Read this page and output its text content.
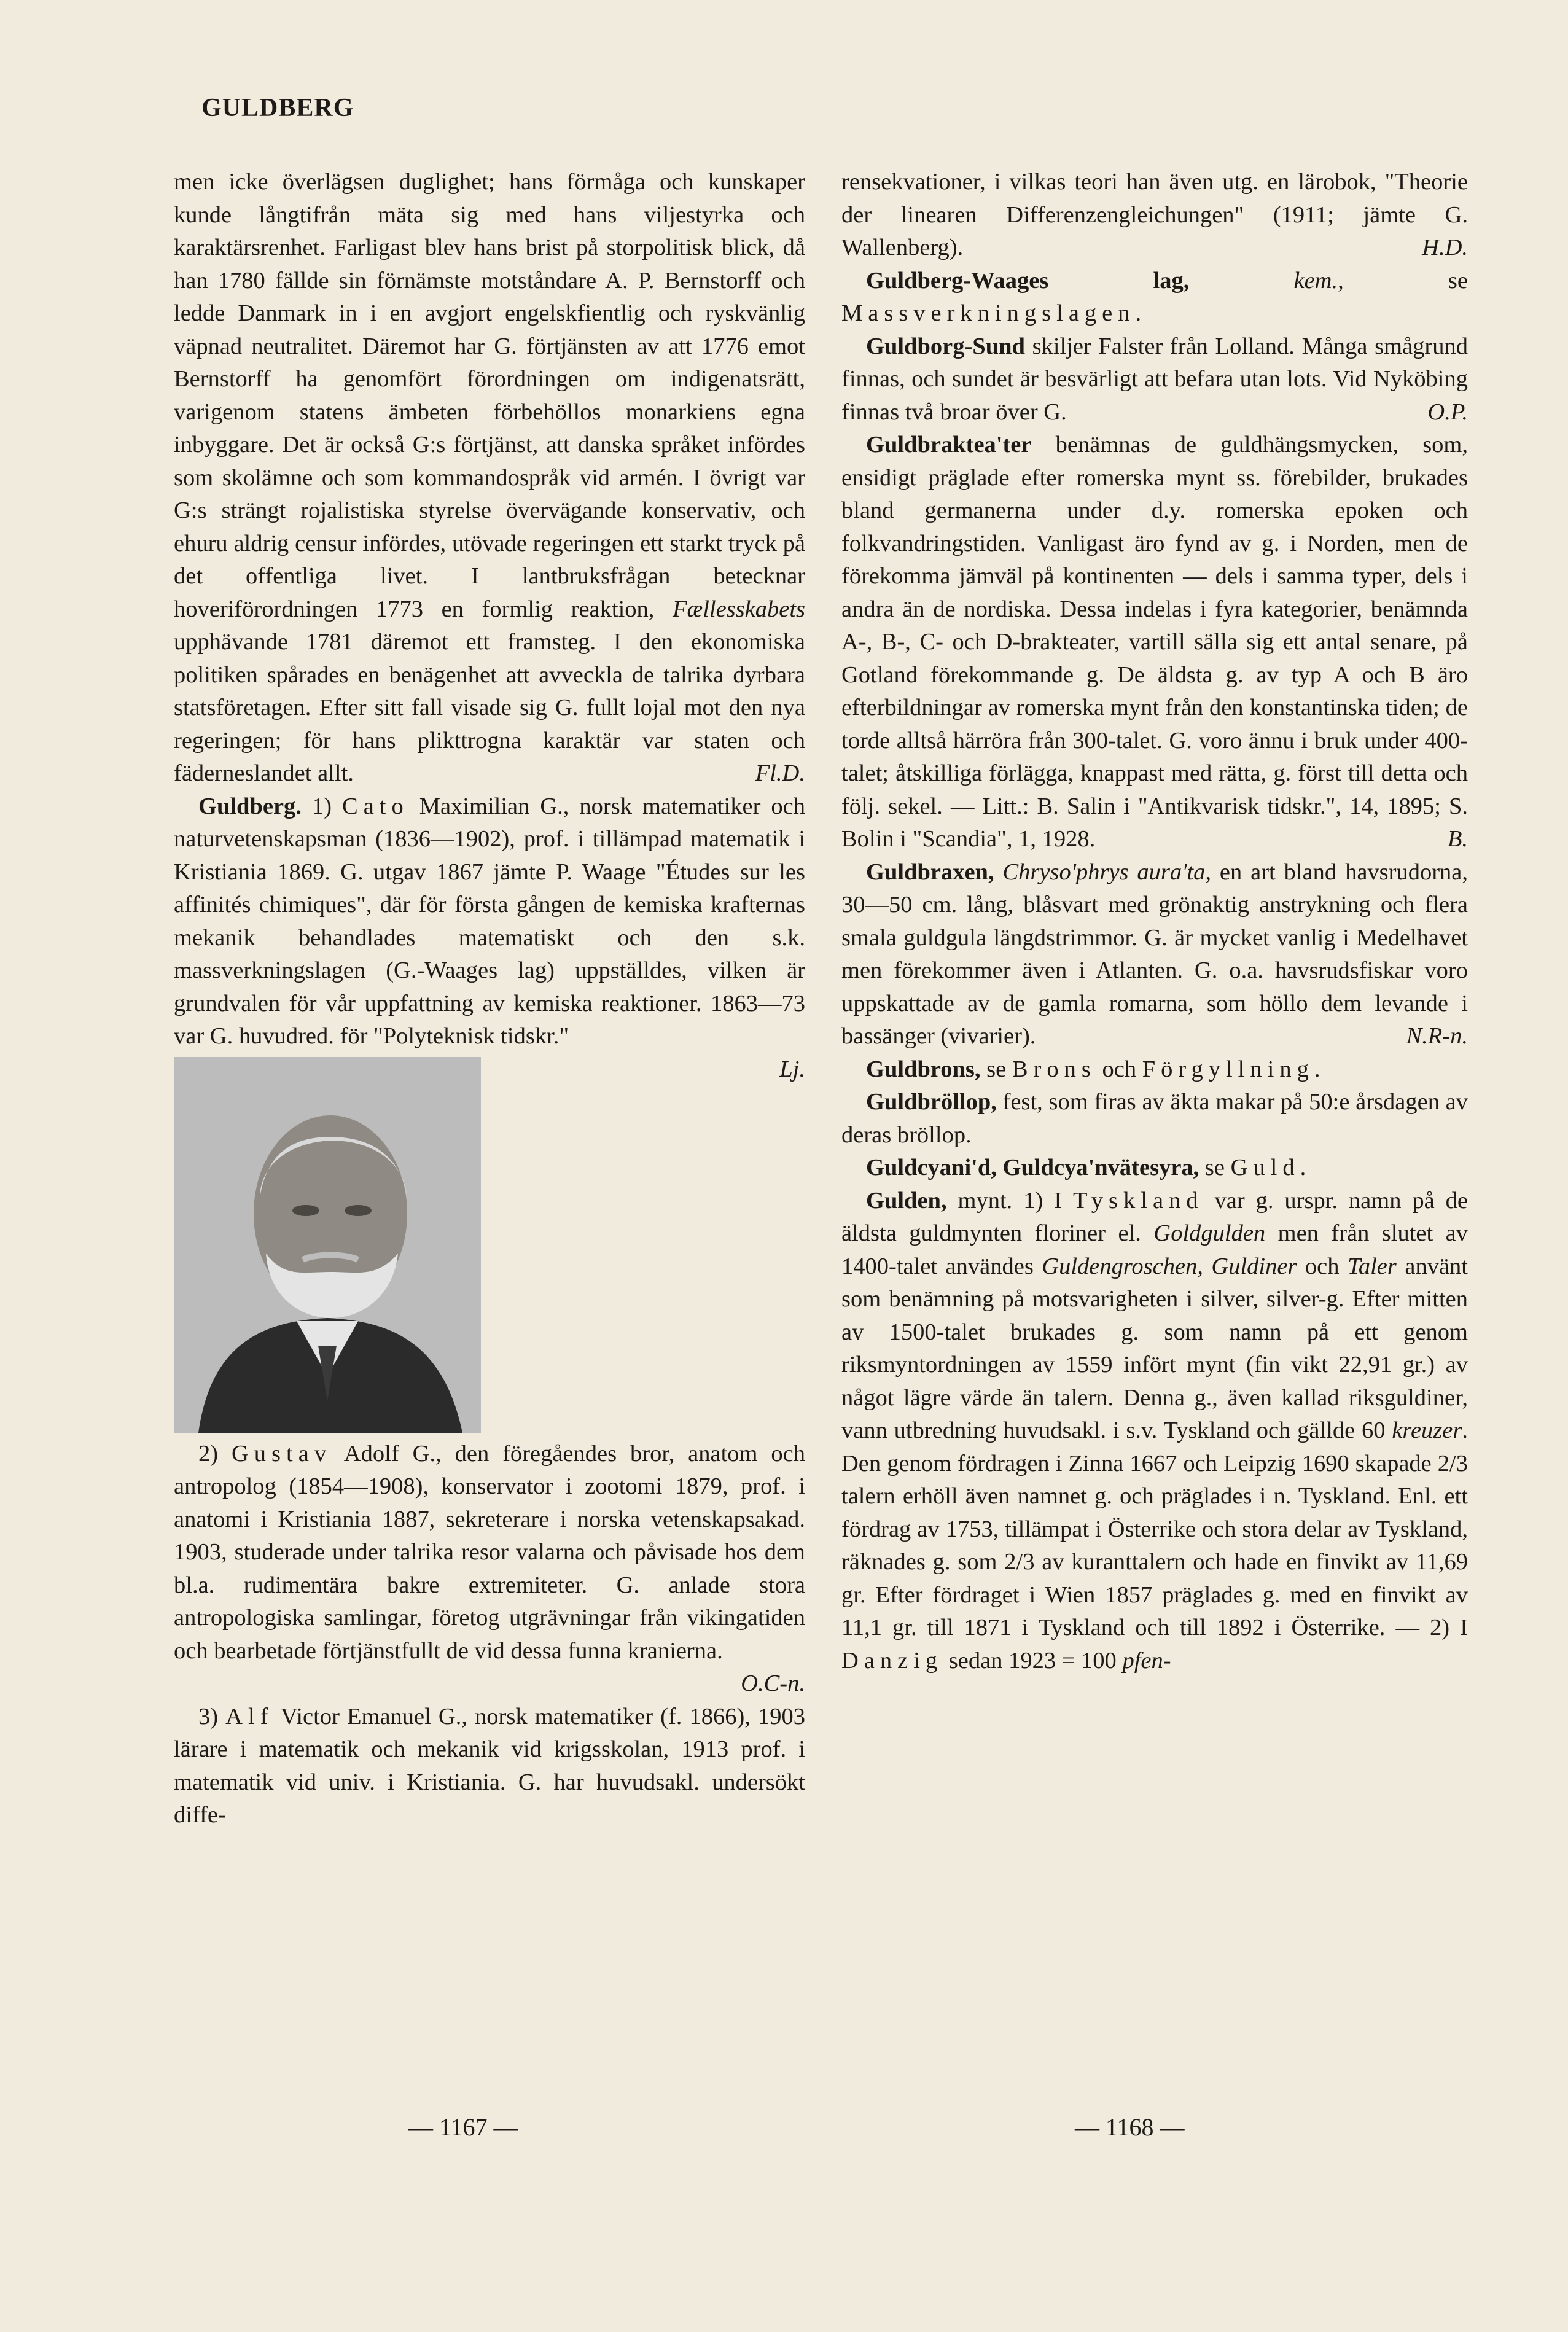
GULDBERG

men icke överlägsen duglighet; hans förmåga och kunskaper kunde långtifrån mäta sig med hans viljestyrka och karaktärsrenhet. Farligast blev hans brist på storpolitisk blick, då han 1780 fällde sin förnämste motståndare A. P. Bernstorff och ledde Danmark in i en avgjort engelskfientlig och ryskvänlig väpnad neutralitet. Däremot har G. förtjänsten av att 1776 emot Bernstorff ha genomfört förordningen om indigenatsrätt, varigenom statens ämbeten förbehöllos monarkiens egna inbyggare. Det är också G:s förtjänst, att danska språket infördes som skolämne och som kommandospråk vid armén. I övrigt var G:s strängt rojalistiska styrelse övervägande konservativ, och ehuru aldrig censur infördes, utövade regeringen ett starkt tryck på det offentliga livet. I lantbruksfrågan betecknar hoveriförordningen 1773 en formlig reaktion, Fællesskabets upphävande 1781 däremot ett framsteg. I den ekonomiska politiken spårades en benägenhet att avveckla de talrika dyrbara statsföretagen. Efter sitt fall visade sig G. fullt lojal mot den nya regeringen; för hans plikttrogna karaktär var staten och fäderneslandet allt.	Fl.D.

Guldberg. 1) Cato Maximilian G., norsk matematiker och naturvetenskapsman (1836—1902), prof. i tillämpad matematik i Kristiania 1869. G. utgav 1867 jämte P. Waage "Études sur les affinités chimiques", där för första gången de kemiska krafternas mekanik behandlades matematiskt och den s.k. massverkningslagen (G.-Waages lag) uppställdes, vilken är grundvalen för vår uppfattning av kemiska reaktioner. 1863—73 var G. huvudred. för "Polyteknisk tidskr."

Lj.

2) Gustav Adolf G., den föregåendes bror, anatom och antropolog (1854—1908), konservator i zootomi 1879, prof. i anatomi i Kristiania 1887, sekreterare i norska vetenskapsakad. 1903, studerade under talrika resor valarna och påvisade hos dem bl.a. rudimentära bakre extremiteter. G. anlade stora antropologiska samlingar, företog utgrävningar från vikingatiden och bearbetade förtjänstfullt de vid dessa funna kranierna.
O.C-n.

3) Alf Victor Emanuel G., norsk matematiker (f. 1866), 1903 lärare i matematik och mekanik vid krigsskolan, 1913 prof. i matematik vid univ. i Kristiania. G. har huvudsakl. undersökt diffe-

rensekvationer, i vilkas teori han även utg. en lärobok, "Theorie der linearen Differenzengleichungen" (1911; jämte G. Wallenberg).	H.D.

Guldberg-Waages lag, kem., se Massverkningslagen.

Guldborg-Sund skiljer Falster från Lolland. Många smågrund finnas, och sundet är besvärligt att befara utan lots. Vid Nyköbing finnas två broar över G.	O.P.

Guldbraktea'ter benämnas de guldhängsmycken, som, ensidigt präglade efter romerska mynt ss. förebilder, brukades bland germanerna under d.y. romerska epoken och folkvandringstiden. Vanligast äro fynd av g. i Norden, men de förekomma jämväl på kontinenten — dels i samma typer, dels i andra än de nordiska. Dessa indelas i fyra kategorier, benämnda A-, B-, C- och D-brakteater, vartill sälla sig ett antal senare, på Gotland förekommande g. De äldsta g. av typ A och B äro efterbildningar av romerska mynt från den konstantinska tiden; de torde alltså härröra från 300-talet. G. voro ännu i bruk under 400-talet; åtskilliga förlägga, knappast med rätta, g. först till detta och följ. sekel. — Litt.: B. Salin i "Antikvarisk tidskr.", 14, 1895; S. Bolin i "Scandia", 1, 1928.	B.

Guldbraxen, Chryso'phrys aura'ta, en art bland havsrudorna, 30—50 cm. lång, blåsvart med grönaktig anstrykning och flera smala guldgula längdstrimmor. G. är mycket vanlig i Medelhavet men förekommer även i Atlanten. G. o.a. havsrudsfiskar voro uppskattade av de gamla romarna, som höllo dem levande i bassänger (vivarier).	N.R-n.

Guldbrons, se Brons och Förgyllning.

Guldbröllop, fest, som firas av äkta makar på 50:e årsdagen av deras bröllop.

Guldcyani'd, Guldcya'nvätesyra, se Guld.

Gulden, mynt. 1) I Tyskland var g. urspr. namn på de äldsta guldmynten floriner el. Goldgulden men från slutet av 1400-talet användes Guldengroschen, Guldiner och Taler använt som benämning på motsvarigheten i silver, silver-g. Efter mitten av 1500-talet brukades g. som namn på ett genom riksmyntordningen av 1559 infört mynt (fin vikt 22,91 gr.) av något lägre värde än talern. Denna g., även kallad riksguldiner, vann utbredning huvudsakl. i s.v. Tyskland och gällde 60 kreuzer. Den genom fördragen i Zinna 1667 och Leipzig 1690 skapade 2/3 talern erhöll även namnet g. och präglades i n. Tyskland. Enl. ett fördrag av 1753, tillämpat i Österrike och stora delar av Tyskland, räknades g. som 2/3 av kuranttalern och hade en finvikt av 11,69 gr. Efter fördraget i Wien 1857 präglades g. med en finvikt av 11,1 gr. till 1871 i Tyskland och till 1892 i Österrike. — 2) I Danzig sedan 1923 = 100 pfen-

— 1167 —	— 1168 —
